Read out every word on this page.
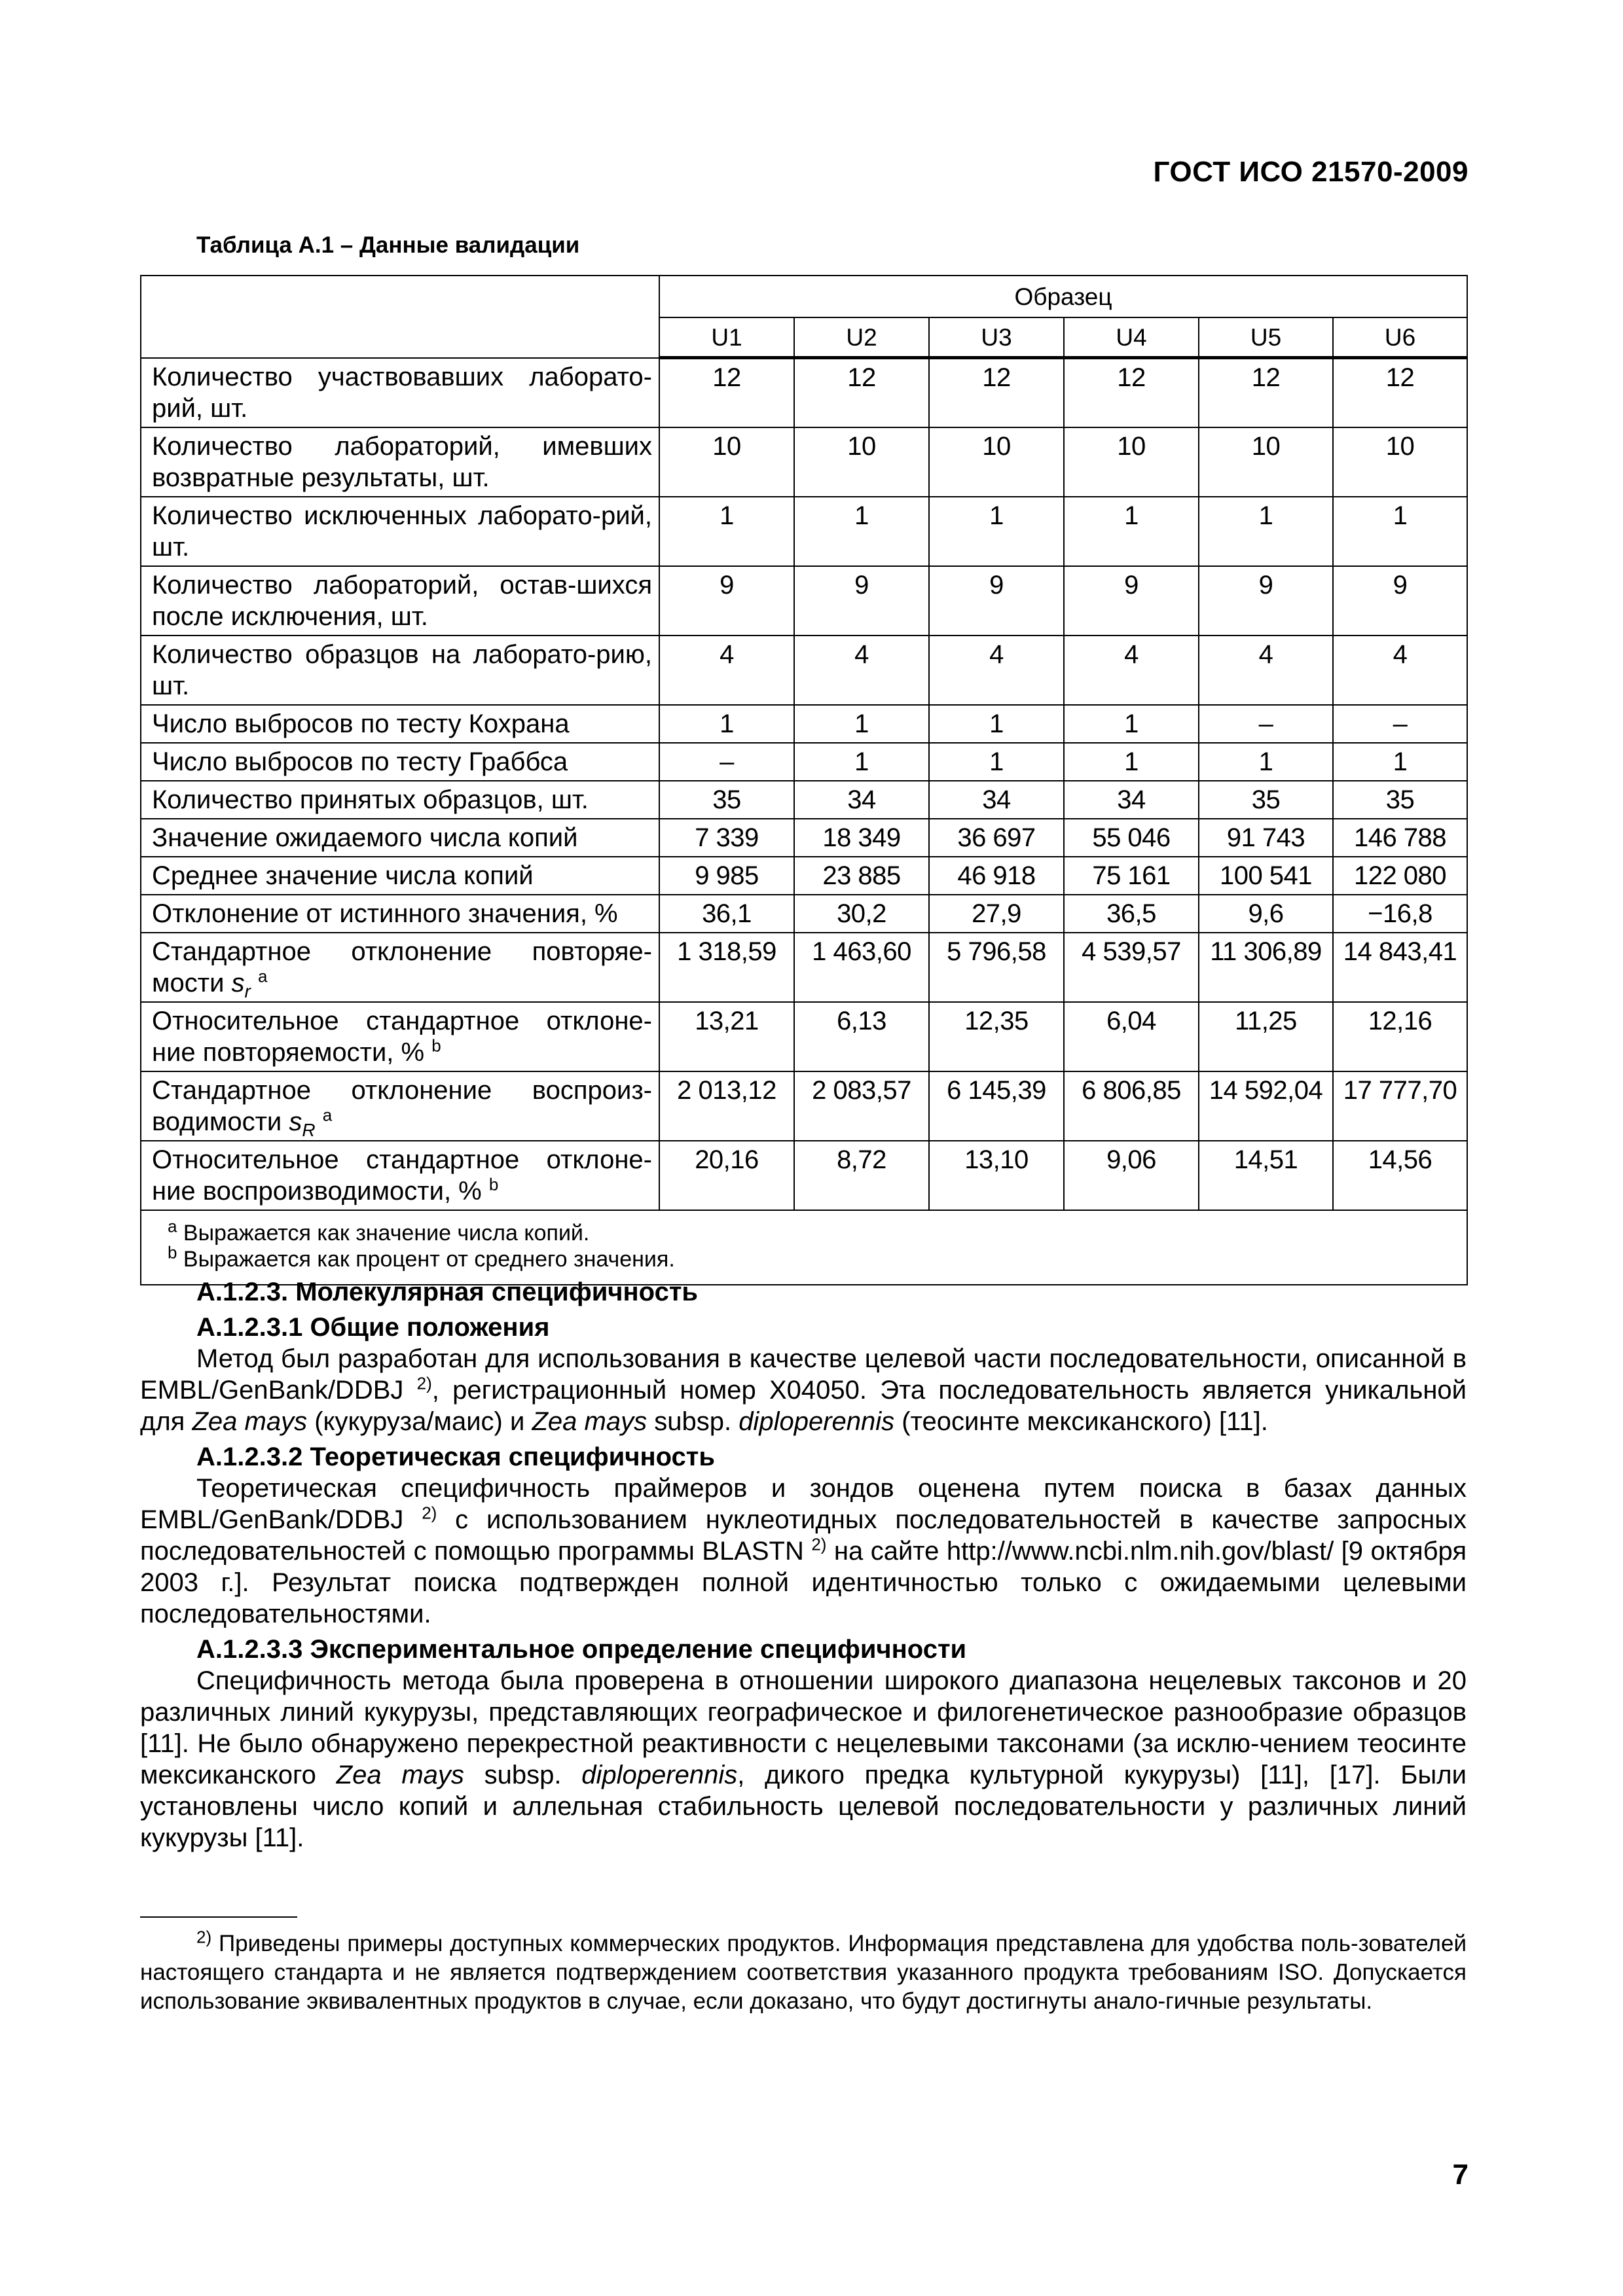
ГОСТ ИСО 21570-2009
Таблица А.1 – Данные валидации
	Образец					
	U1	U2	U3	U4	U5	U6
Количество участвовавших лаборато-рий, шт.	12	12	12	12	12	12
Количество лабораторий, имевших возвратные результаты, шт.	10	10	10	10	10	10
Количество исключенных лаборато-рий, шт.	1	1	1	1	1	1
Количество лабораторий, остав-шихся после исключения, шт.	9	9	9	9	9	9
Количество образцов на лаборато-рию, шт.	4	4	4	4	4	4
Число выбросов по тесту Кохрана	1	1	1	1	–	–
Число выбросов по тесту Граббса	–	1	1	1	1	1
Количество принятых образцов, шт.	35	34	34	34	35	35
Значение ожидаемого числа копий	7 339	18 349	36 697	55 046	91 743	146 788
Среднее значение числа копий	9 985	23 885	46 918	75 161	100 541	122 080
Отклонение от истинного значения, %	36,1	30,2	27,9	36,5	9,6	−16,8
Стандартное отклонение повторяе-мости $s_r$ $^a$	1 318,59	1 463,60	5 796,58	4 539,57	11 306,89	14 843,41
Относительное стандартное отклоне-ние повторяемости, % $^b$	13,21	6,13	12,35	6,04	11,25	12,16
Стандартное отклонение воспроиз-водимости $s_R$ $^a$	2 013,12	2 083,57	6 145,39	6 806,85	14 592,04	17 777,70
Относительное стандартное отклоне-ние воспроизводимости, % $^b$	20,16	8,72	13,10	9,06	14,51	14,56

$^a$ Выражается как значение числа копий.
$^b$ Выражается как процент от среднего значения.						

А.1.2.3. Молекулярная специфичность

А.1.2.3.1 Общие положения

Метод был разработан для использования в качестве целевой части последовательности, описанной в EMBL/GenBank/DDBJ $^{2)}$, регистрационный номер X04050. Эта последовательность является уникальной для Zea mays (кукуруза/маис) и Zea mays subsp. diploperennis (теосинте мексиканского) [11].

А.1.2.3.2 Теоретическая специфичность

Теоретическая специфичность праймеров и зондов оценена путем поиска в базах данных EMBL/GenBank/DDBJ $^{2)}$ с использованием нуклеотидных последовательностей в качестве запросных последовательностей с помощью программы BLASTN $^{2)}$ на сайте http://www.ncbi.nlm.nih.gov/blast/ [9 октября 2003 г.]. Результат поиска подтвержден полной идентичностью только с ожидаемыми целевыми последовательностями.

А.1.2.3.3 Экспериментальное определение специфичности

Специфичность метода была проверена в отношении широкого диапазона нецелевых таксонов и 20 различных линий кукурузы, представляющих географическое и филогенетическое разнообразие образцов [11]. Не было обнаружено перекрестной реактивности с нецелевыми таксонами (за исклю-чением теосинте мексиканского Zea mays subsp. diploperennis, дикого предка культурной кукурузы) [11], [17]. Были установлены число копий и аллельная стабильность целевой последовательности у различных линий кукурузы [11].

$^{2)}$ Приведены примеры доступных коммерческих продуктов. Информация представлена для удобства поль-зователей настоящего стандарта и не является подтверждением соответствия указанного продукта требованиям ISO. Допускается использование эквивалентных продуктов в случае, если доказано, что будут достигнуты анало-гичные результаты.
7
